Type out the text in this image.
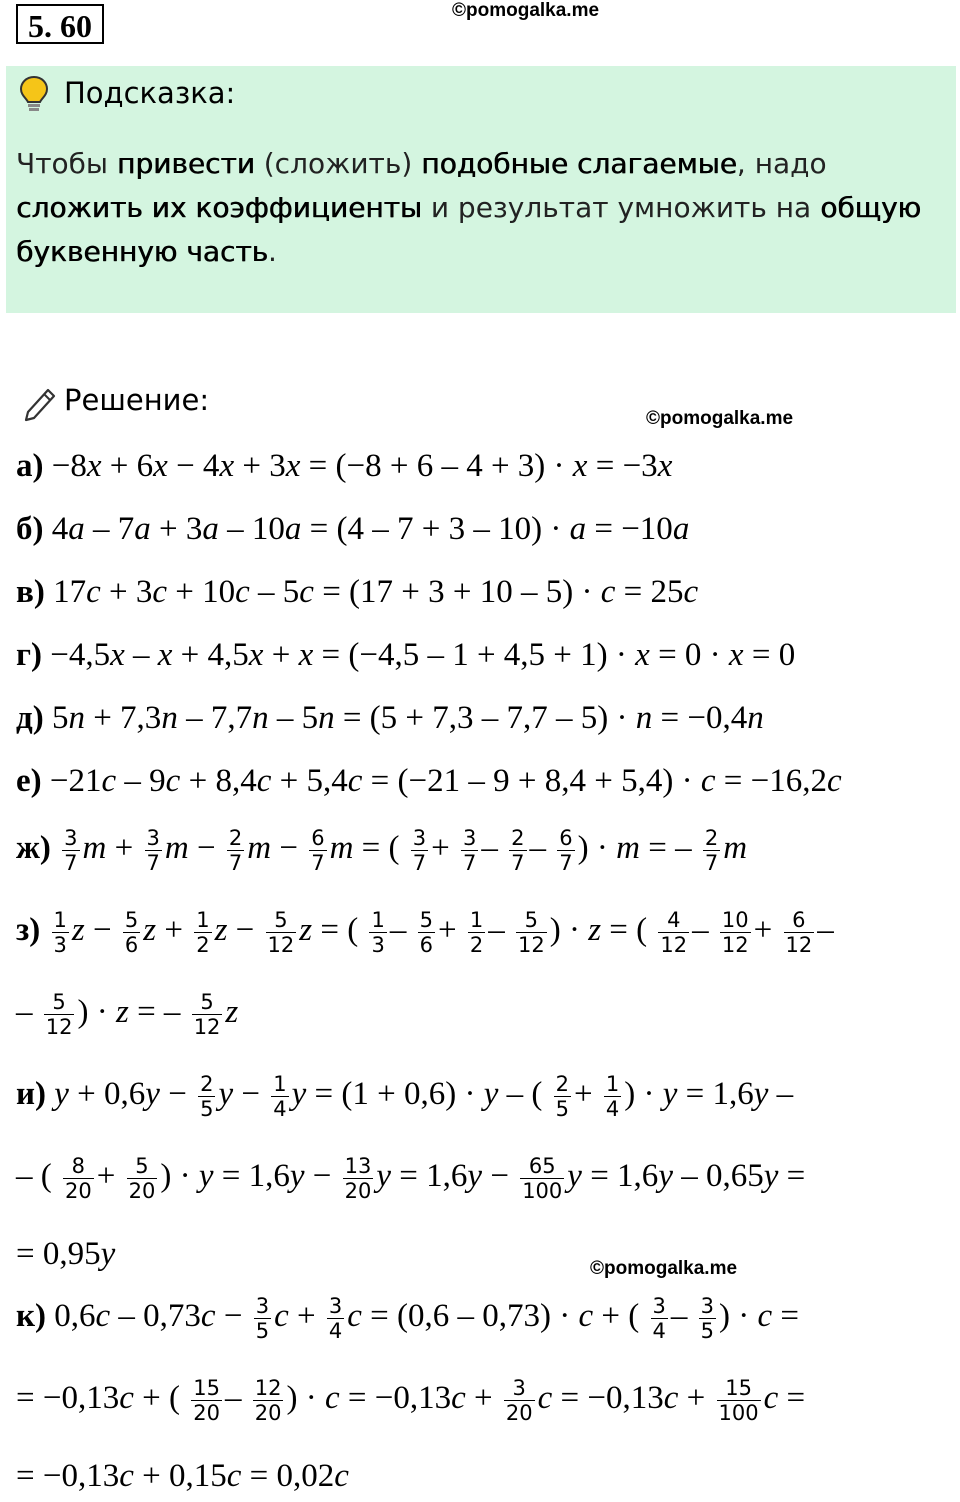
5. 60	©pomogalka.me
Подсказка:
Чтобы привести (сложить) подобные слагаемые, надо
сложить их коэффициенты и результат умножить на общую
буквенную часть.
Решение:
©pomogalka.me
а) −8x + 6x − 4x + 3x = (−8 + 6 – 4 + 3) · x = −3x
б) 4a – 7a + 3a – 10a = (4 – 7 + 3 – 10) · a = −10a
в) 17c + 3c + 10c – 5c = (17 + 3 + 10 – 5) · c = 25c
г) −4,5x – x + 4,5x + x = (−4,5 – 1 + 4,5 + 1) · x = 0 · x = 0
д) 5n + 7,3n – 7,7n – 5n = (5 + 7,3 – 7,7 – 5) · n = −0,4n
е) −21c – 9c + 8,4c + 5,4c = (−21 – 9 + 8,4 + 5,4) · c = −16,2c
$ж) \frac{3}{7}$ $m + \frac{3}{7}$ $m - \frac{2}{7}$ $m - \frac{6}{7}$ m = ( $\frac{3}{7} + \frac{3}{7} - \frac{2}{7} - \frac{6}{7}$ ) · m = – $\frac{2}{7}$ m
$з) \frac{1}{3}$ $z - \frac{5}{6}$ $z + \frac{1}{2}$ $z - \frac{5}{12}$ z = ( $\frac{1}{3} - \frac{5}{6} + \frac{1}{2} - \frac{5}{12}$ ) · z = ( $\frac{4}{12} - \frac{10}{12} + \frac{6}{12}$ –
– $\frac{5}{12}$ ) · z = – $\frac{5}{12}$ z
и) $y + 0,6y - \frac{2}{5}$ $y - \frac{1}{4}$ y = (1 + 0,6) · y – ( $\frac{2}{5} + \frac{1}{4}$ ) · y = 1,6y –
– ( $\frac{8}{20} + \frac{5}{20}$ ) · $y = 1,6y - \frac{13}{20}$ $y = 1,6y - \frac{65}{100}$ y = 1,6y – 0,65y =
= 0,95y	©pomogalka.me
к) $0,6c - 0,73c - \frac{3}{5}$ $c + \frac{3}{4}$ c = (0,6 – 0,73) · c + ( $\frac{3}{4} - \frac{3}{5}$ ) · c =
= −0,13c + ( $\frac{15}{20} - \frac{12}{20}$ ) · $c = -0,13c + \frac{3}{20}$ $c = -0,13c + \frac{15}{100}$ c =
= −0,13c + 0,15c = 0,02c
